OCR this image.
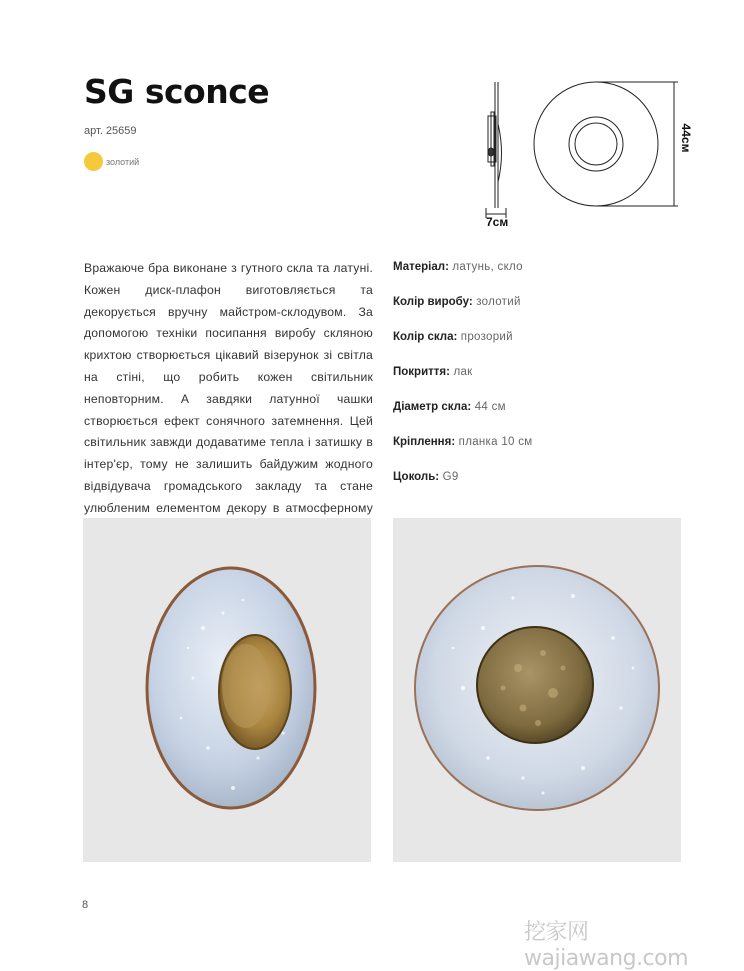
SG sconce
арт. 25659
золотий
7см
44см

Вражаюче бра виконане з гутного скла та латуні. Кожен диск-плафон виготовляється та декорується вручну майстром-склодувом. За допомогою техніки посипання виробу скляною крихтою створюється цікавий візерунок зі світла на стіні, що робить кожен світильник неповторним. А завдяки латунної чашки створюється ефект сонячного затемнення. Цей світильник завжди додаватиме тепла і затишку в інтер'єр, тому не залишить байдужим жодного відвідувача громадського закладу та стане улюбленим елементом декору в атмосферному

Матеріал: латунь, скло
Колір виробу: золотий
Колір скла: прозорий
Покриття: лак
Діаметр скла: 44 см
Кріплення: планка 10 см
Цоколь: G9
8
挖家网 wajiawang.com
